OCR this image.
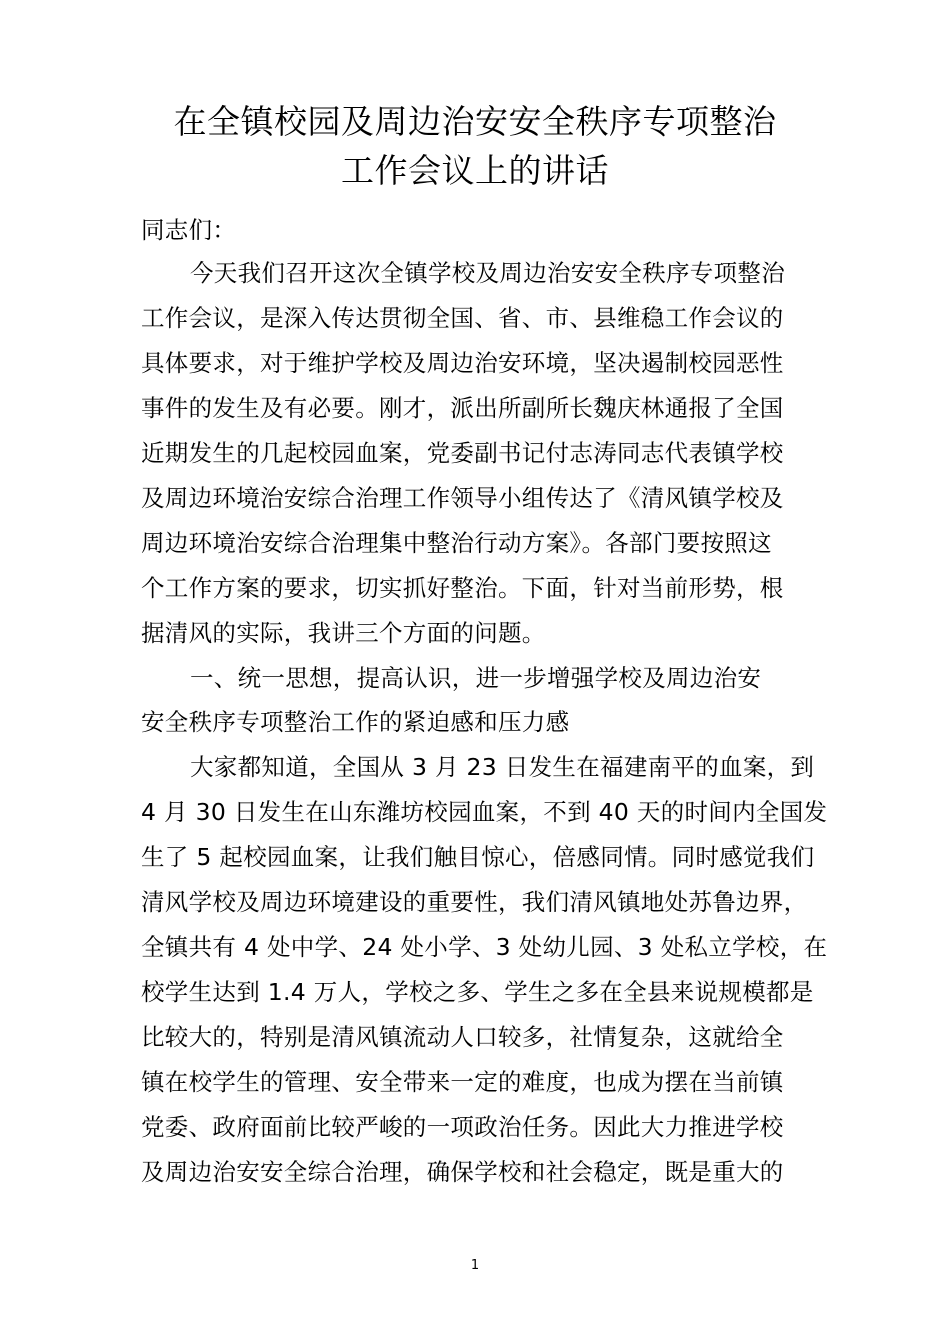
在全镇校园及周边治安安全秩序专项整治
工作会议上的讲话
同志们：
今天我们召开这次全镇学校及周边治安安全秩序专项整治
工作会议，是深入传达贯彻全国、省、市、县维稳工作会议的
具体要求，对于维护学校及周边治安环境，坚决遏制校园恶性
事件的发生及有必要。刚才，派出所副所长魏庆林通报了全国
近期发生的几起校园血案，党委副书记付志涛同志代表镇学校
及周边环境治安综合治理工作领导小组传达了《清风镇学校及
周边环境治安综合治理集中整治行动方案》。各部门要按照这
个工作方案的要求，切实抓好整治。下面，针对当前形势，根
据清风的实际，我讲三个方面的问题。
一、统一思想，提高认识，进一步增强学校及周边治安
安全秩序专项整治工作的紧迫感和压力感
大家都知道，全国从 3 月 23 日发生在福建南平的血案，到
4 月 30 日发生在山东潍坊校园血案，不到 40 天的时间内全国发
生了 5 起校园血案，让我们触目惊心，倍感同情。同时感觉我们
清风学校及周边环境建设的重要性，我们清风镇地处苏鲁边界，
全镇共有 4 处中学、24 处小学、3 处幼儿园、3 处私立学校，在
校学生达到 1.4 万人，学校之多、学生之多在全县来说规模都是
比较大的，特别是清风镇流动人口较多，社情复杂，这就给全
镇在校学生的管理、安全带来一定的难度，也成为摆在当前镇
党委、政府面前比较严峻的一项政治任务。因此大力推进学校
及周边治安安全综合治理，确保学校和社会稳定，既是重大的
1
